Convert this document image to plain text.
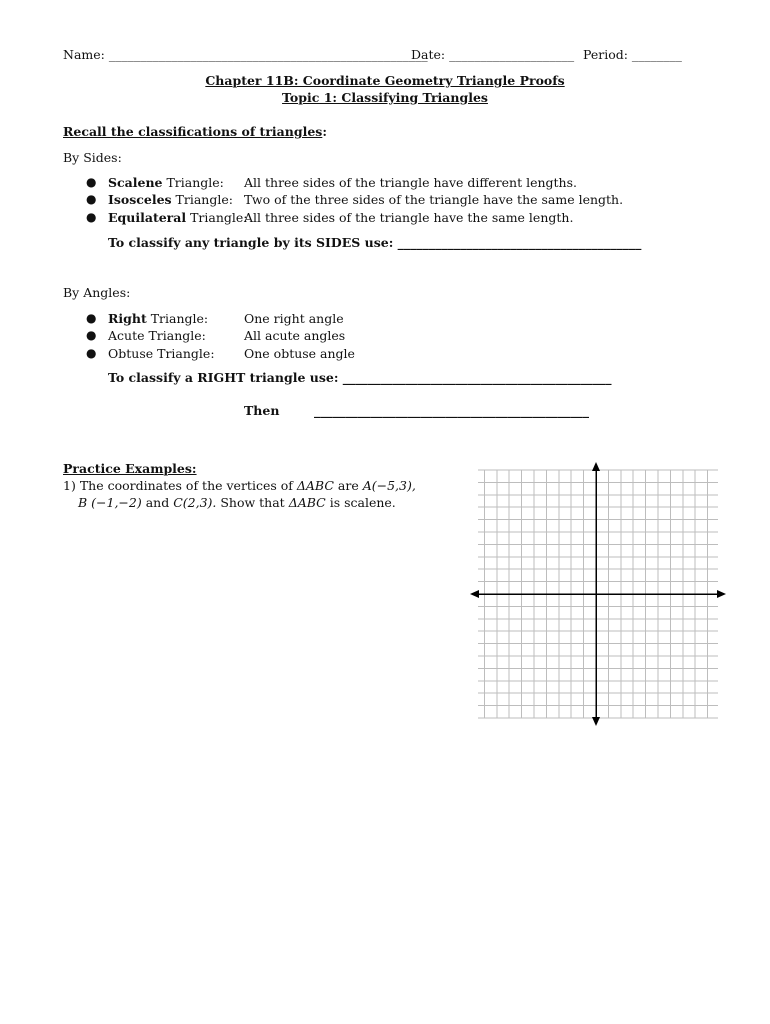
Name: ___________________________________________________
Date: ____________________ Period: ________
Chapter 11B: Coordinate Geometry Triangle Proofs
Topic 1: Classifying Triangles
Recall the classifications of triangles:
By Sides:
● Scalene Triangle: All three sides of the triangle have different lengths.
● Isosceles Triangle: Two of the three sides of the triangle have the same length.
● Equilateral Triangle:
All three sides of the triangle have the same length.
To classify any triangle by its SIDES use: _______________________________________
By Angles:
● Right Triangle:	One right angle
● Acute Triangle:	All acute angles
● Obtuse Triangle: One obtuse angle
To classify a RIGHT triangle use: ___________________________________________
Then	____________________________________________
Practice Examples:
1) The coordinates of the vertices of ΔABC are A(−5,3),
B (−1,−2) and C(2,3). Show that ΔABC is scalene.
